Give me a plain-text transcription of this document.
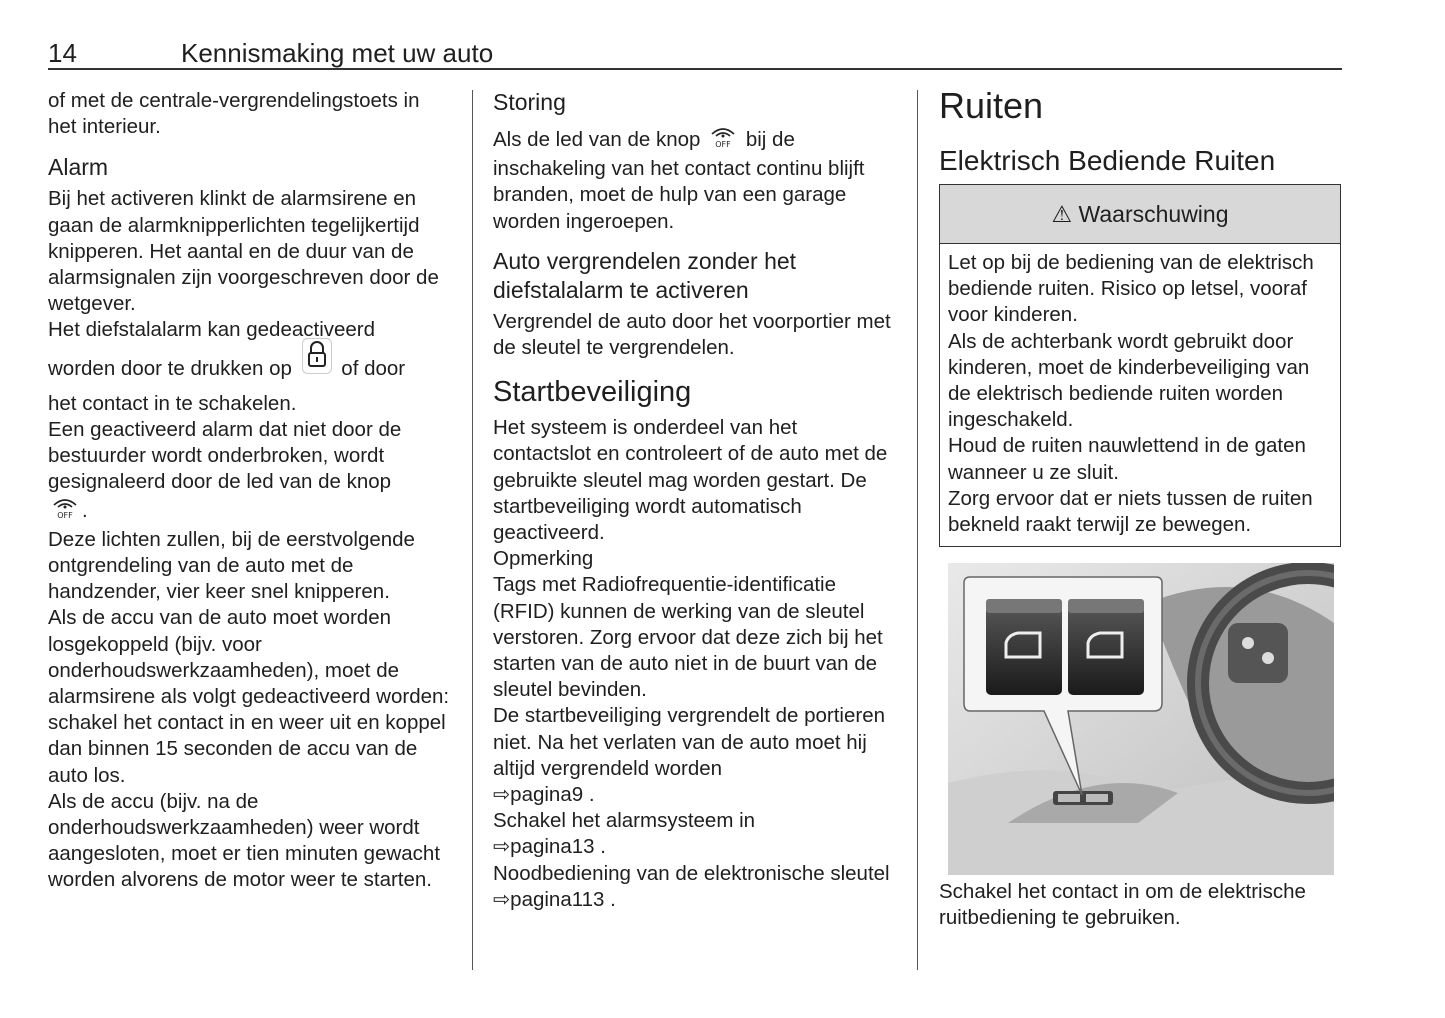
14	Kennismaking met uw auto

of met de centrale-vergrendelingstoets in het interieur.

Alarm

Bij het activeren klinkt de alarmsirene en gaan de alarmknipperlichten tegelijkertijd knipperen. Het aantal en de duur van de alarmsignalen zijn voorgeschreven door de wetgever.

Het diefstalalarm kan gedeactiveerd

worden door te drukken op of door

het contact in te schakelen.

Een geactiveerd alarm dat niet door de bestuurder wordt onderbroken, wordt gesignaleerd door de led van de knop

OFF .

Deze lichten zullen, bij de eerstvolgende ontgrendeling van de auto met de handzender, vier keer snel knipperen.

Als de accu van de auto moet worden losgekoppeld (bijv. voor onderhoudswerkzaamheden), moet de alarmsirene als volgt gedeactiveerd worden: schakel het contact in en weer uit en koppel dan binnen 15 seconden de accu van de auto los.

Als de accu (bijv. na de onderhoudswerkzaamheden) weer wordt aangesloten, moet er tien minuten gewacht worden alvorens de motor weer te starten.

Storing

Als de led van de knop OFF bij de inschakeling van het contact continu blijft branden, moet de hulp van een garage worden ingeroepen.

Auto vergrendelen zonder het diefstalalarm te activeren

Vergrendel de auto door het voorportier met de sleutel te vergrendelen.

Startbeveiliging

Het systeem is onderdeel van het contactslot en controleert of de auto met de gebruikte sleutel mag worden gestart. De startbeveiliging wordt automatisch geactiveerd.

Opmerking

Tags met Radiofrequentie-identificatie (RFID) kunnen de werking van de sleutel verstoren. Zorg ervoor dat deze zich bij het starten van de auto niet in de buurt van de sleutel bevinden.

De startbeveiliging vergrendelt de portieren niet. Na het verlaten van de auto moet hij altijd vergrendeld worden

⇨pagina9 .

Schakel het alarmsysteem in

⇨pagina13 .

Noodbediening van de elektronische sleutel ⇨pagina113 .

Ruiten
Elektrisch Bediende Ruiten
⚠ Waarschuwing

Let op bij de bediening van de elektrisch bediende ruiten. Risico op letsel, vooraf voor kinderen.

Als de achterbank wordt gebruikt door kinderen, moet de kinderbeveiliging van de elektrisch bediende ruiten worden ingeschakeld.

Houd de ruiten nauwlettend in de gaten wanneer u ze sluit.

Zorg ervoor dat er niets tussen de ruiten bekneld raakt terwijl ze bewegen.

Schakel het contact in om de elektrische ruitbediening te gebruiken.
